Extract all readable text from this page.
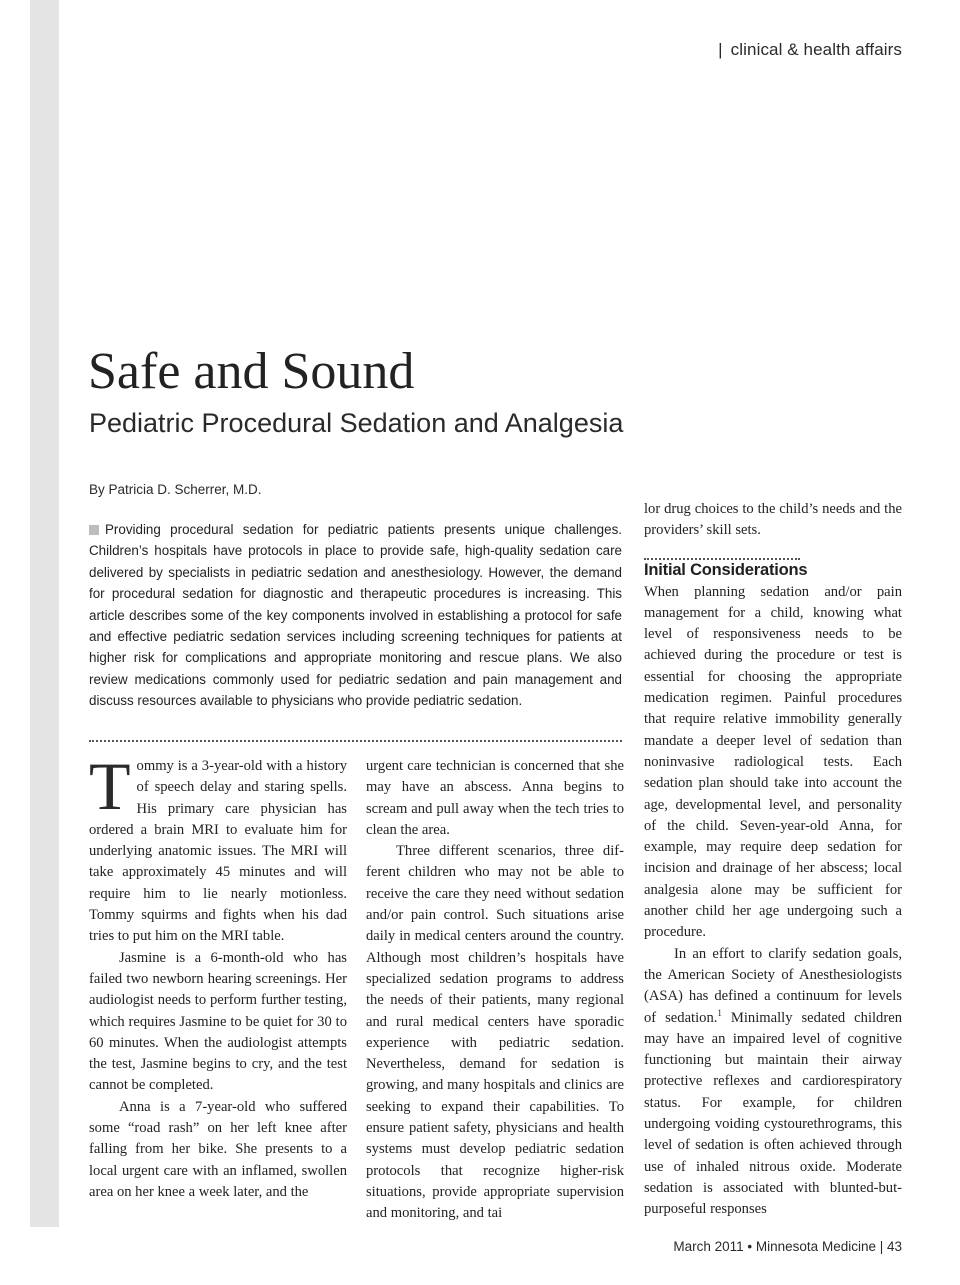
| clinical & health affairs
Safe and Sound
Pediatric Procedural Sedation and Analgesia
By Patricia D. Scherrer, M.D.

Providing procedural sedation for pediatric patients presents unique challenges. Children’s hospitals have protocols in place to provide safe, high-quality sedation care delivered by specialists in pediatric sedation and anesthesiology. However, the demand for procedural sedation for diagnostic and therapeutic procedures is increasing. This article describes some of the key components involved in establishing a protocol for safe and effective pediatric sedation services including screening techniques for patients at higher risk for complications and appropriate monitoring and rescue plans. We also review medications commonly used for pediatric sedation and pain management and discuss resources available to physicians who provide pediatric sedation.

Tommy is a 3-year-old with a history of speech delay and staring spells. His primary care physician has ordered a brain MRI to evaluate him for underlying anatomic issues. The MRI will take approximately 45 minutes and will require him to lie nearly motionless. Tommy squirms and fights when his dad tries to put him on the MRI table.

Jasmine is a 6-month-old who has failed two newborn hearing screenings. Her audiologist needs to perform further testing, which requires Jasmine to be quiet for 30 to 60 minutes. When the audiologist attempts the test, Jasmine begins to cry, and the test cannot be completed.

Anna is a 7-year-old who suffered some “road rash” on her left knee after falling from her bike. She presents to a local urgent care with an inflamed, swollen area on her knee a week later, and the

urgent care technician is concerned that she may have an abscess. Anna begins to scream and pull away when the tech tries to clean the area.

Three different scenarios, three different children who may not be able to receive the care they need without sedation and/or pain control. Such situations arise daily in medical centers around the country. Although most children’s hospitals have specialized sedation programs to address the needs of their patients, many regional and rural medical centers have sporadic experience with pediatric sedation. Nevertheless, demand for sedation is growing, and many hospitals and clinics are seeking to expand their capabilities. To ensure patient safety, physicians and health systems must develop pediatric sedation protocols that recognize higher-risk situations, provide appropriate supervision and monitoring, and tai

lor drug choices to the child’s needs and the providers’ skill sets.

Initial Considerations

When planning sedation and/or pain management for a child, knowing what level of responsiveness needs to be achieved during the procedure or test is essential for choosing the appropriate medication regimen. Painful procedures that require relative immobility generally mandate a deeper level of sedation than noninvasive radiological tests. Each sedation plan should take into account the age, developmental level, and personality of the child. Seven-year-old Anna, for example, may require deep sedation for incision and drainage of her abscess; local analgesia alone may be sufficient for another child her age undergoing such a procedure.

In an effort to clarify sedation goals, the American Society of Anesthesiologists (ASA) has defined a continuum for levels of sedation.$^1$ Minimally sedated children may have an impaired level of cognitive functioning but maintain their airway protective reflexes and cardiorespiratory status. For example, for children undergoing voiding cystourethrograms, this level of sedation is often achieved through use of inhaled nitrous oxide. Moderate sedation is associated with blunted-but-purposeful responses

March 2011 • Minnesota Medicine | 43
